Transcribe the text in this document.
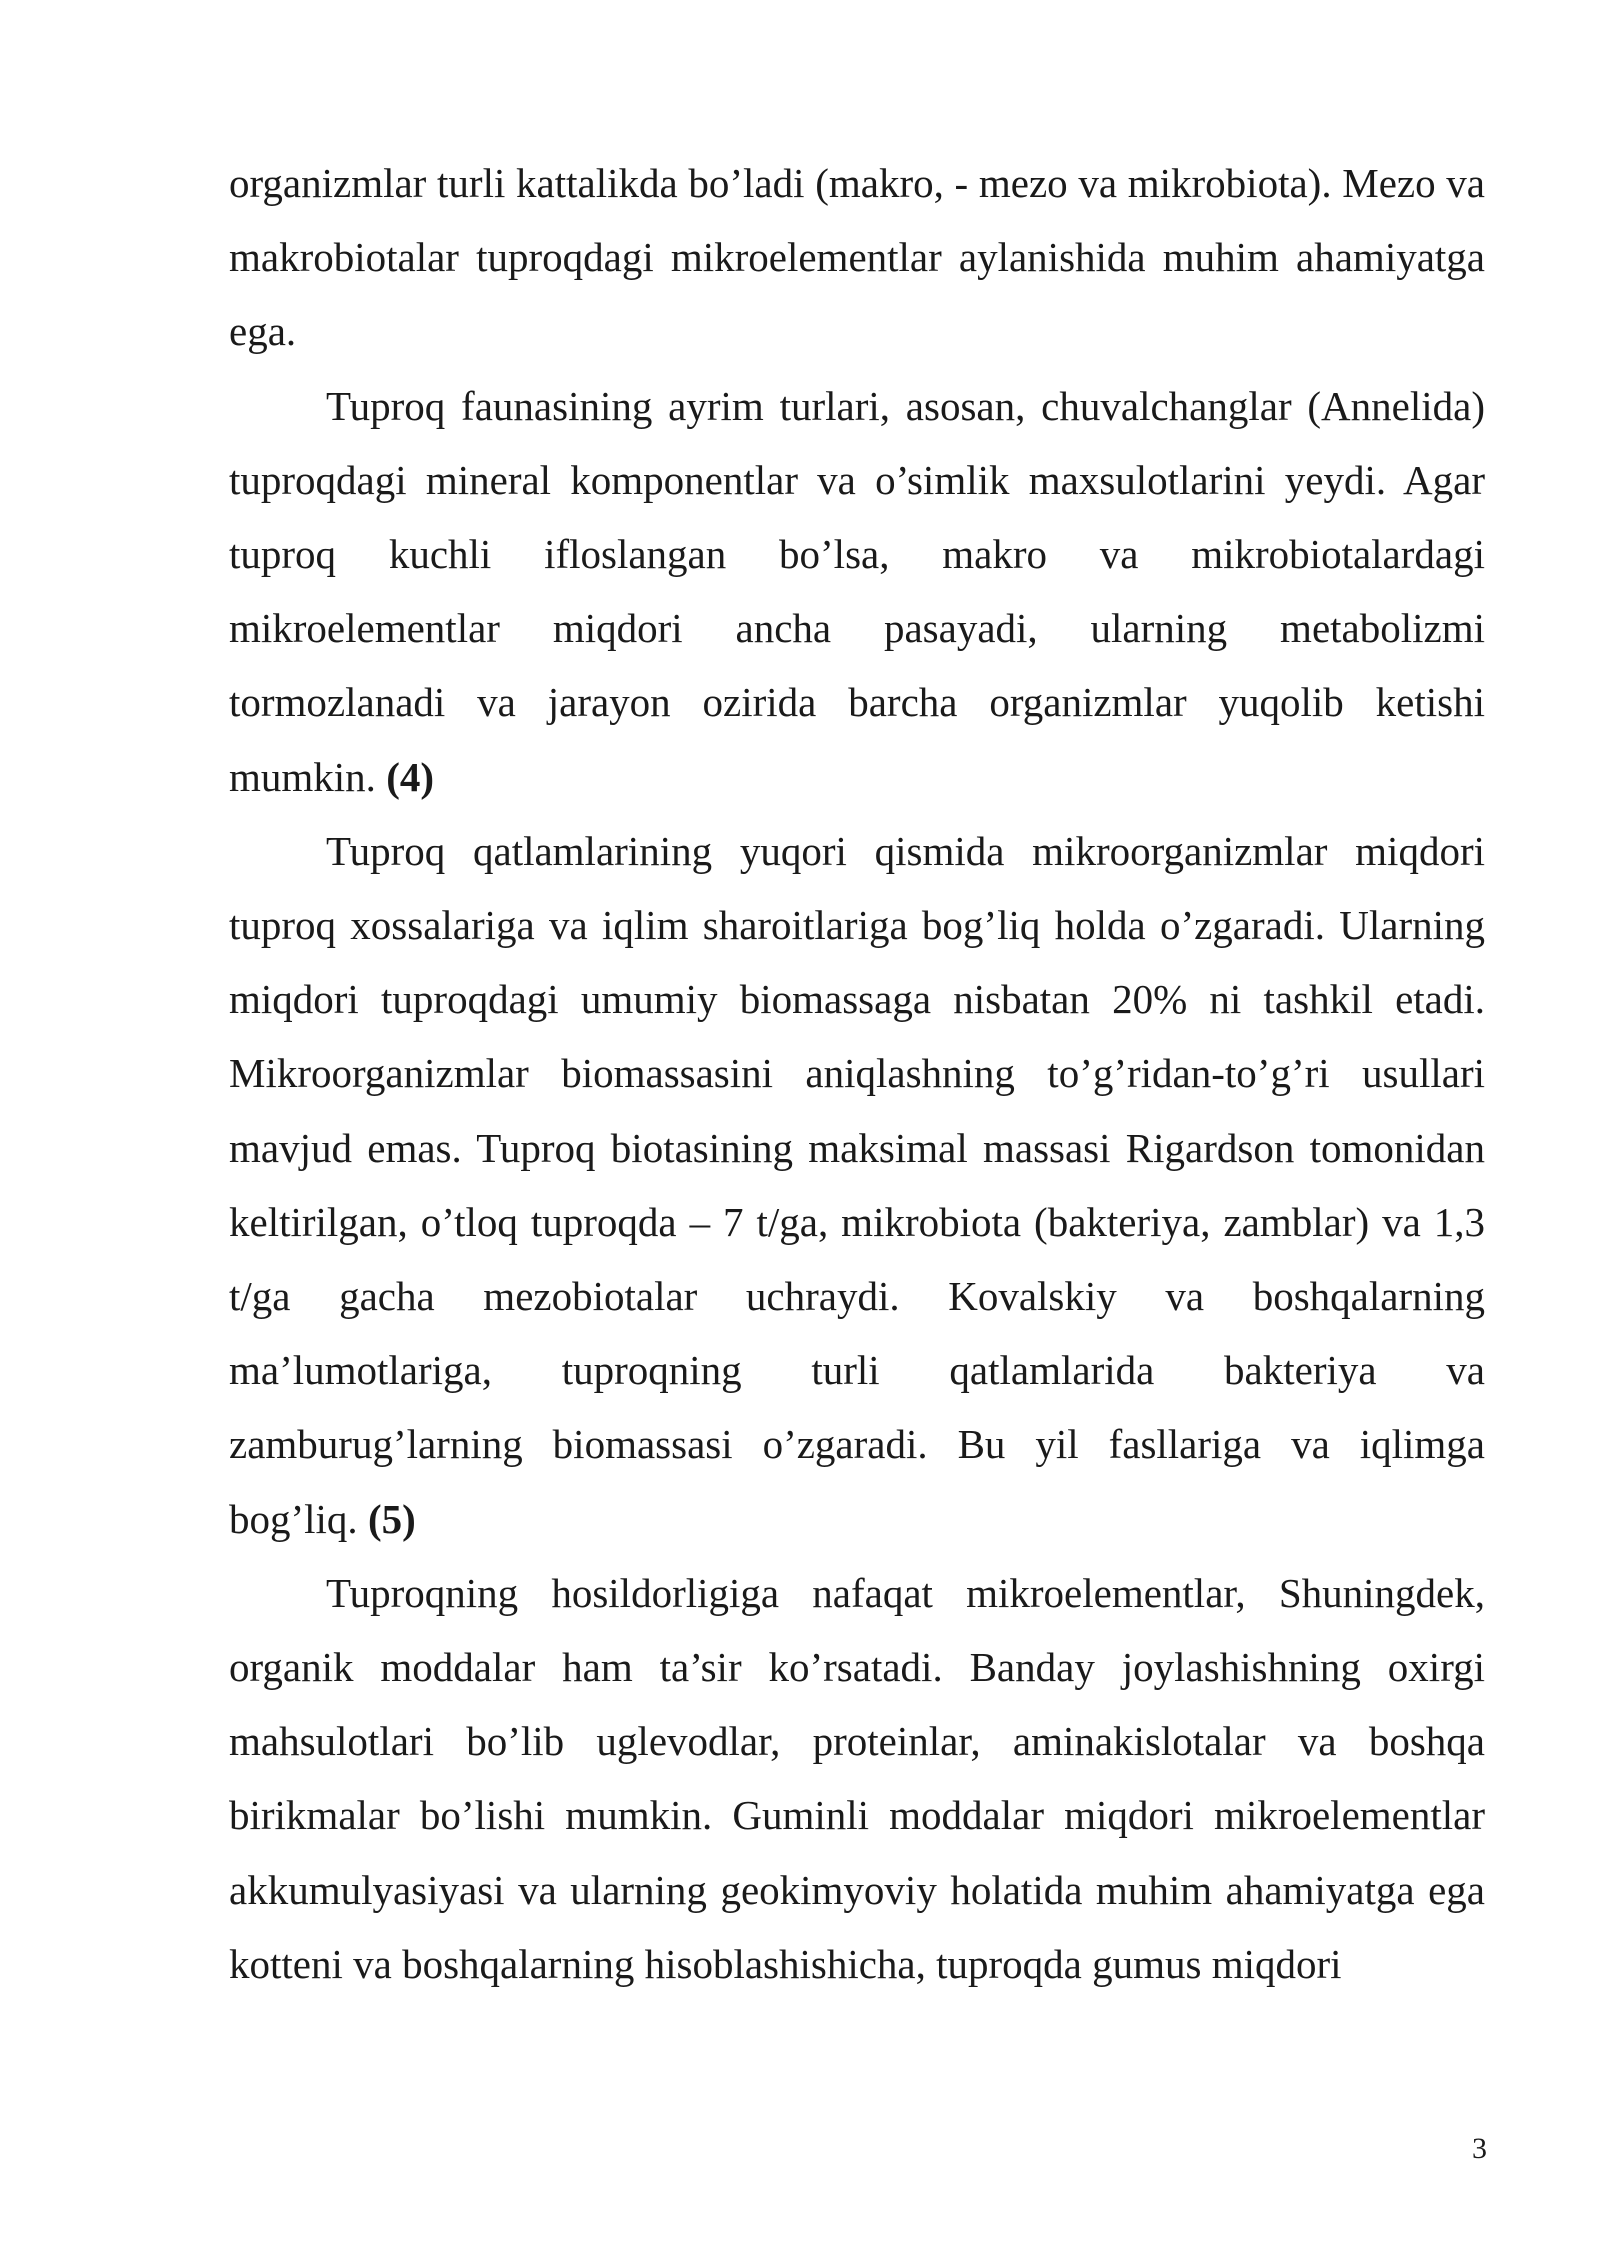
organizmlar turli kattalikda bo’ladi (makro, - mezo va mikrobiota). Mezo va makrobiotalar tuproqdagi mikroelementlar aylanishida muhim ahamiyatga ega.

Tuproq faunasining ayrim turlari, asosan, chuvalchanglar (Annelida) tuproqdagi mineral komponentlar va o’simlik maxsulotlarini yeydi. Agar tuproq kuchli ifloslangan bo’lsa, makro va mikrobiotalardagi mikroelementlar miqdori ancha pasayadi, ularning metabolizmi tormozlanadi va jarayon ozirida barcha organizmlar yuqolib ketishi mumkin. (4)

Tuproq qatlamlarining yuqori qismida mikroorganizmlar miqdori tuproq xossalariga va iqlim sharoitlariga bog’liq holda o’zgaradi. Ularning miqdori tuproqdagi umumiy biomassaga nisbatan 20% ni tashkil etadi. Mikroorganizmlar biomassasini aniqlashning to’g’ridan-to’g’ri usullari mavjud emas. Tuproq biotasining maksimal massasi Rigardson tomonidan keltirilgan, o’tloq tuproqda – 7 t/ga, mikrobiota (bakteriya, zamblar) va 1,3 t/ga gacha mezobiotalar uchraydi. Kovalskiy va boshqalarning ma’lumotlariga, tuproqning turli qatlamlarida bakteriya va zamburug’larning biomassasi o’zgaradi. Bu yil fasllariga va iqlimga bog’liq. (5)

Tuproqning hosildorligiga nafaqat mikroelementlar, Shuningdek, organik moddalar ham ta’sir ko’rsatadi. Banday joylashishning oxirgi mahsulotlari bo’lib uglevodlar, proteinlar, aminakislotalar va boshqa birikmalar bo’lishi mumkin. Guminli moddalar miqdori mikroelementlar akkumulyasiyasi va ularning geokimyoviy holatida muhim ahamiyatga ega kotteni va boshqalarning hisoblashishicha, tuproqda gumus miqdori

3
